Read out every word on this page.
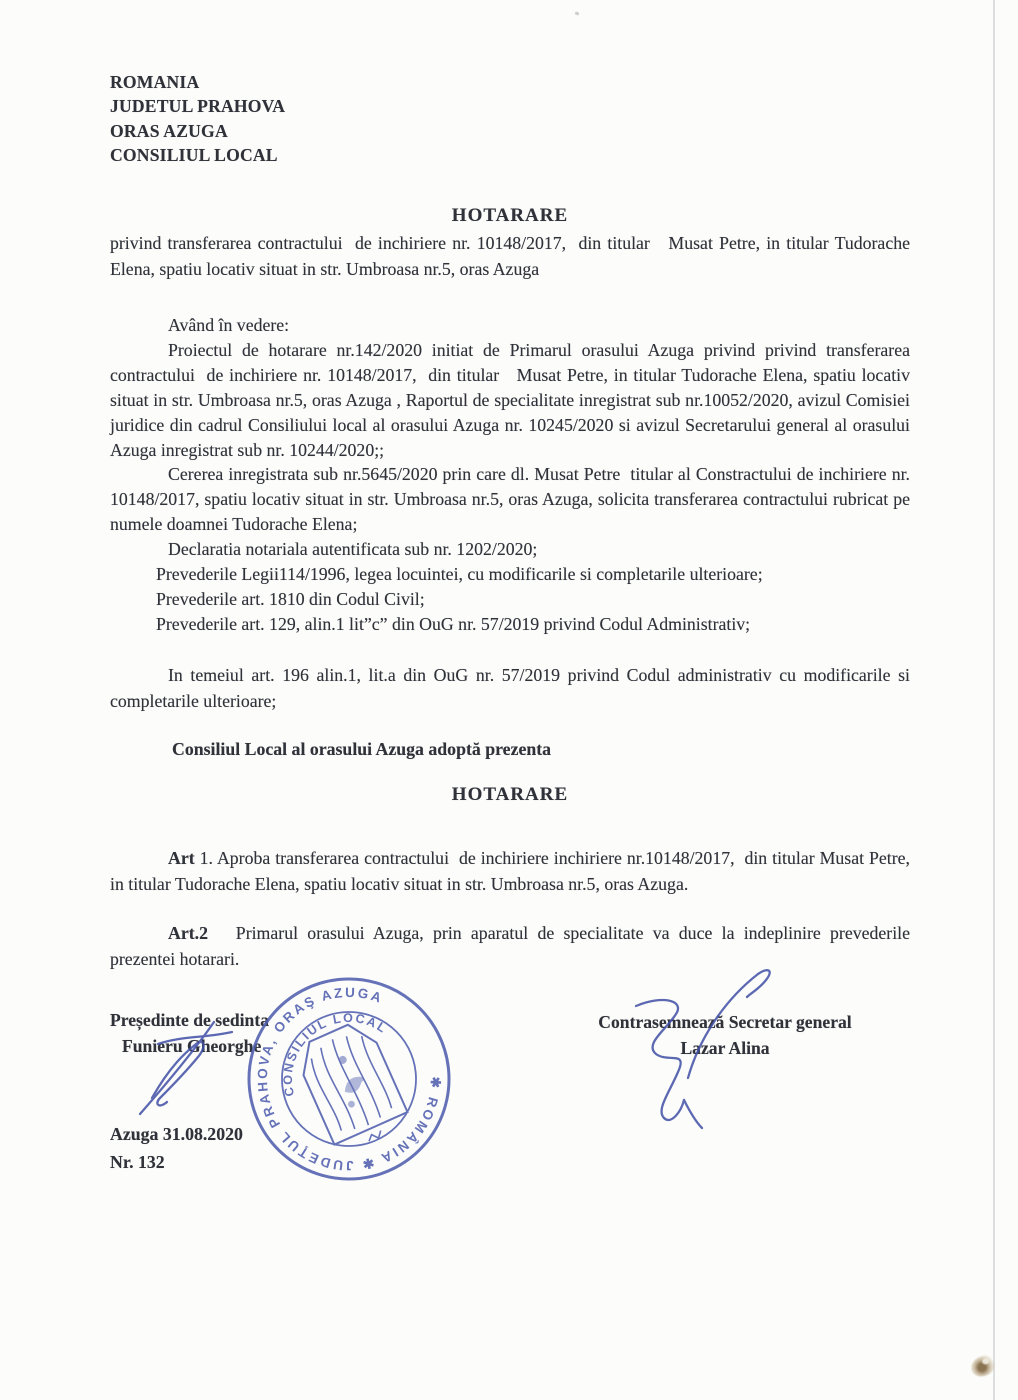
ROMANIA

JUDETUL PRAHOVA

ORAS AZUGA

CONSILIUL LOCAL

HOTARARE

privind transferarea contractului  de inchiriere nr. 10148/2017,  din titular   Musat Petre, in titular Tudorache Elena, spatiu locativ situat in str. Umbroasa nr.5, oras Azuga

Având în vedere:

Proiectul de hotarare nr.142/2020 initiat de Primarul orasului Azuga privind privind transferarea contractului  de inchiriere nr. 10148/2017,  din titular   Musat Petre, in titular Tudorache Elena, spatiu locativ situat in str. Umbroasa nr.5, oras Azuga , Raportul de specialitate inregistrat sub nr.10052/2020, avizul Comisiei juridice din cadrul Consiliului local al orasului Azuga nr. 10245/2020 si avizul Secretarului general al orasului Azuga inregistrat sub nr. 10244/2020;;

Cererea inregistrata sub nr.5645/2020 prin care dl. Musat Petre  titular al Constractului de inchiriere nr. 10148/2017, spatiu locativ situat in str. Umbroasa nr.5, oras Azuga, solicita transferarea contractului rubricat pe numele doamnei Tudorache Elena;

Declaratia notariala autentificata sub nr. 1202/2020;

Prevederile Legii114/1996, legea locuintei, cu modificarile si completarile ulterioare;

Prevederile art. 1810 din Codul Civil;

Prevederile art. 129, alin.1 lit”c” din OuG nr. 57/2019 privind Codul Administrativ;

In temeiul art. 196 alin.1, lit.a din OuG nr. 57/2019 privind Codul administrativ cu modificarile si completarile ulterioare;

Consiliul Local al orasului Azuga adoptă prezenta

HOTARARE

Art 1. Aproba transferarea contractului  de inchiriere inchiriere nr.10148/2017,  din titular Musat Petre, in titular Tudorache Elena, spatiu locativ situat in str. Umbroasa nr.5, oras Azuga.

Art.2   Primarul orasului Azuga, prin aparatul de specialitate va duce la indeplinire prevederile prezentei hotarari.

Președinte de sedinta

Funieru Gheorghe

Contrasemnează Secretar general

Lazar Alina

Azuga 31.08.2020

Nr. 132

✱ ROMÂNIA ✱ JUDEŢUL PRAHOVA, ORAŞ AZUGA
CONSILIUL LOCAL
